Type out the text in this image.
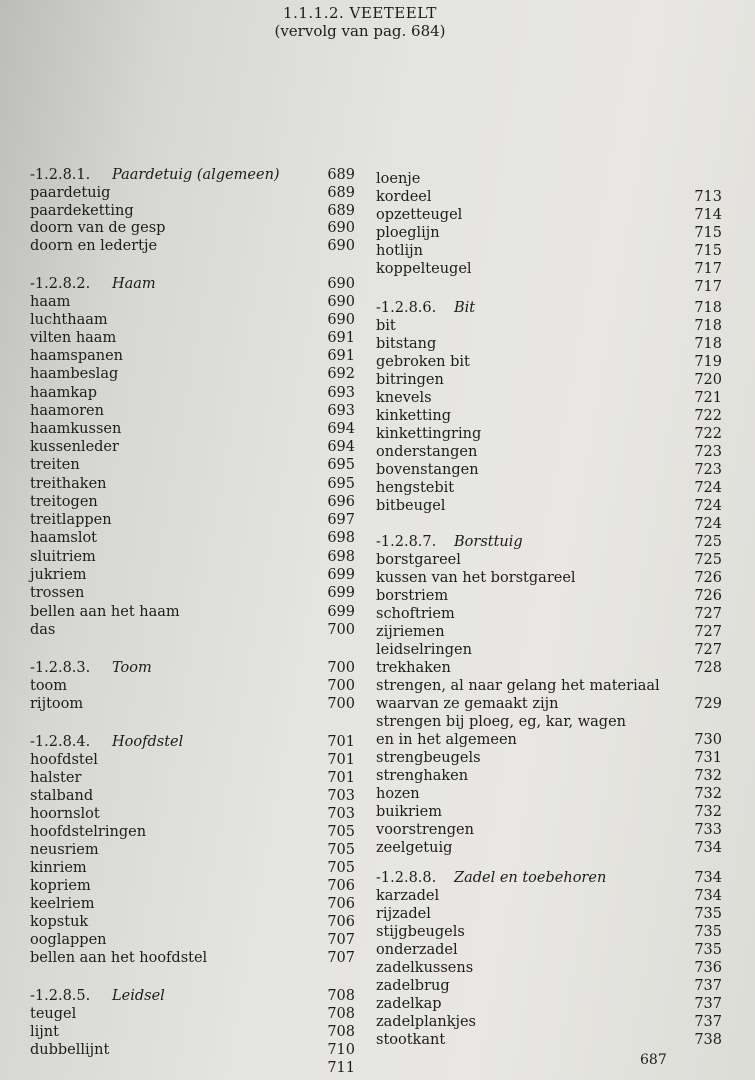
1.1.1.2. VEETEELT
(vervolg van pag. 684)
-1.2.8.1. Paardetuig (algemeen)	689
paardetuig	689
paardeketting	689
doorn van de gesp	690
doorn en ledertje	690
-1.2.8.2. Haam	690
haam	690
luchthaam	690
vilten haam	691
haamspanen	691
haambeslag	692
haamkap	693
haamoren	693
haamkussen	694
kussenleder	694
treiten	695
treithaken	695
treitogen	696
treitlappen	697
haamslot	698
sluitriem	698
jukriem	699
trossen	699
bellen aan het haam	699
das	700
-1.2.8.3. Toom	700
toom	700
rijtoom	700
-1.2.8.4. Hoofdstel	701
hoofdstel	701
halster	701
stalband	703
hoornslot	703
hoofdstelringen	705
neusriem	705
kinriem	705
kopriem	706
keelriem	706
kopstuk	706
ooglappen	707
bellen aan het hoofdstel	707
-1.2.8.5. Leidsel	708
teugel	708
lijnt	708
dubbellijnt	710
711
loenje
kordeel	713
opzetteugel	714
ploeglijn	715
hotlijn	715
koppelteugel	717
717
-1.2.8.6. Bit	718
bit	718
bitstang	718
gebroken bit	719
bitringen	720
knevels	721
kinketting	722
kinkettingring	722
onderstangen	723
bovenstangen	723
hengstebit	724
bitbeugel	724
724
-1.2.8.7. Borsttuig	725
borstgareel	725
kussen van het borstgareel	726
borstriem	726
schoftriem	727
zijriemen	727
leidselringen	727
trekhaken	728
strengen, al naar gelang het materiaal
waarvan ze gemaakt zijn	729
strengen bij ploeg, eg, kar, wagen
en in het algemeen	730
strengbeugels	731
strenghaken	732
hozen	732
buikriem	732
voorstrengen	733
zeelgetuig	734
-1.2.8.8. Zadel en toebehoren	734
karzadel	734
rijzadel	735
stijgbeugels	735
onderzadel	735
zadelkussens	736
zadelbrug	737
zadelkap	737
zadelplankjes	737
stootkant	738
687
